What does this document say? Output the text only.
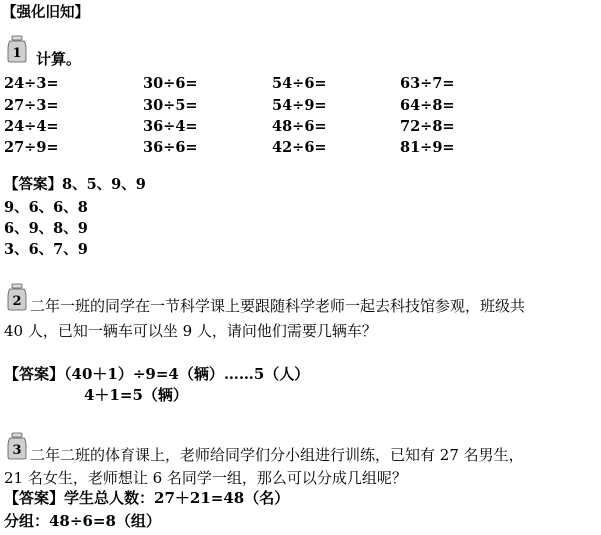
【强化旧知】
1 计算。
24÷3=	30÷6=	54÷6=	63÷7=
27÷3=	30÷5=	54÷9=	64÷8=
24÷4=	36÷4=	48÷6=	72÷8=
27÷9=	36÷6=	42÷6=	81÷9=
【答案】8、5、9、9
9、6、6、8
6、9、8、9
3、6、7、9
2 二年一班的同学在一节科学课上要跟随科学老师一起去科技馆参观，班级共
40 人，已知一辆车可以坐 9 人，请问他们需要几辆车？
【答案】（40＋1）÷9=4（辆）……5（人）
4＋1=5（辆）
3 二年二班的体育课上，老师给同学们分小组进行训练，已知有 27 名男生，
21 名女生，老师想让 6 名同学一组，那么可以分成几组呢？
【答案】学生总人数：27＋21=48（名）
分组：48÷6=8（组）
